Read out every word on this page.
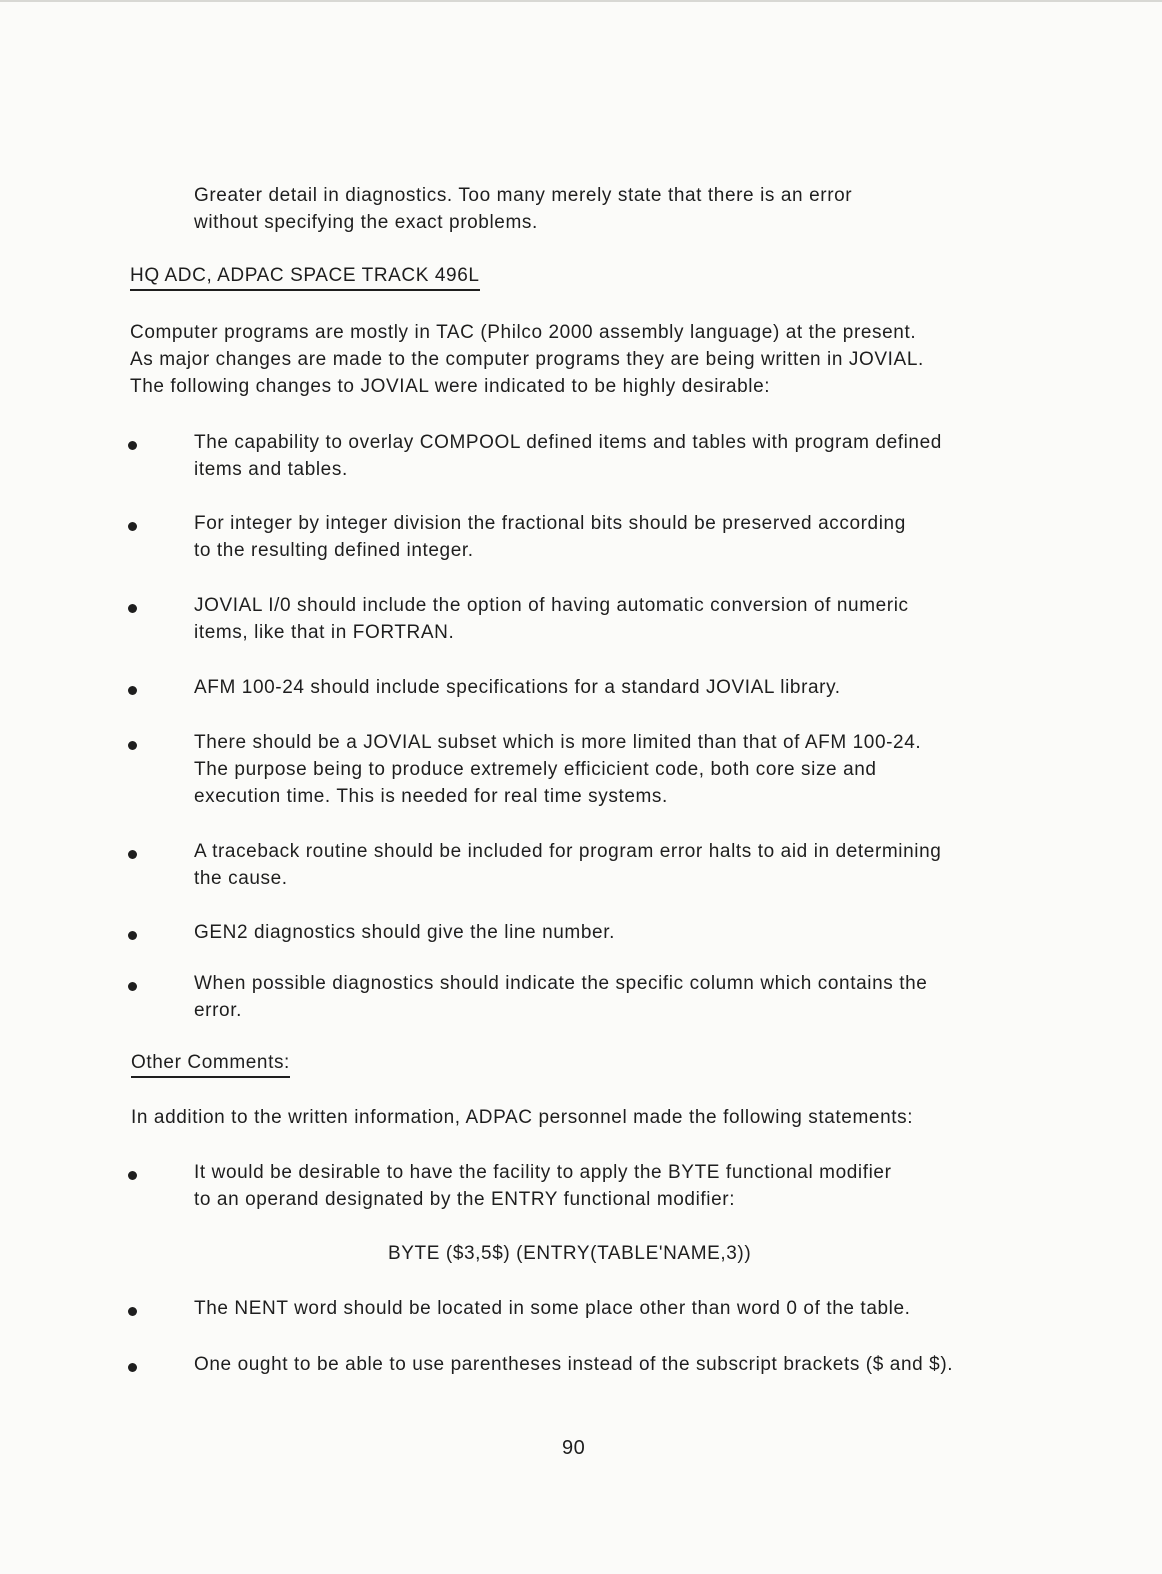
Greater detail in diagnostics. Too many merely state that there is an error
without specifying the exact problems.
HQ ADC, ADPAC SPACE TRACK 496L
Computer programs are mostly in TAC (Philco 2000 assembly language) at the present.
As major changes are made to the computer programs they are being written in JOVIAL.
The following changes to JOVIAL were indicated to be highly desirable:
The capability to overlay COMPOOL defined items and tables with program defined
items and tables.
For integer by integer division the fractional bits should be preserved according
to the resulting defined integer.
JOVIAL I/0 should include the option of having automatic conversion of numeric
items, like that in FORTRAN.
AFM 100-24 should include specifications for a standard JOVIAL library.
There should be a JOVIAL subset which is more limited than that of AFM 100-24.
The purpose being to produce extremely efficicient code, both core size and
execution time. This is needed for real time systems.
A traceback routine should be included for program error halts to aid in determining
the cause.
GEN2 diagnostics should give the line number.
When possible diagnostics should indicate the specific column which contains the
error.
Other Comments:
In addition to the written information, ADPAC personnel made the following statements:
It would be desirable to have the facility to apply the BYTE functional modifier
to an operand designated by the ENTRY functional modifier:
BYTE ($3,5$) (ENTRY(TABLE'NAME,3))
The NENT word should be located in some place other than word 0 of the table.
One ought to be able to use parentheses instead of the subscript brackets ($ and $).
90
